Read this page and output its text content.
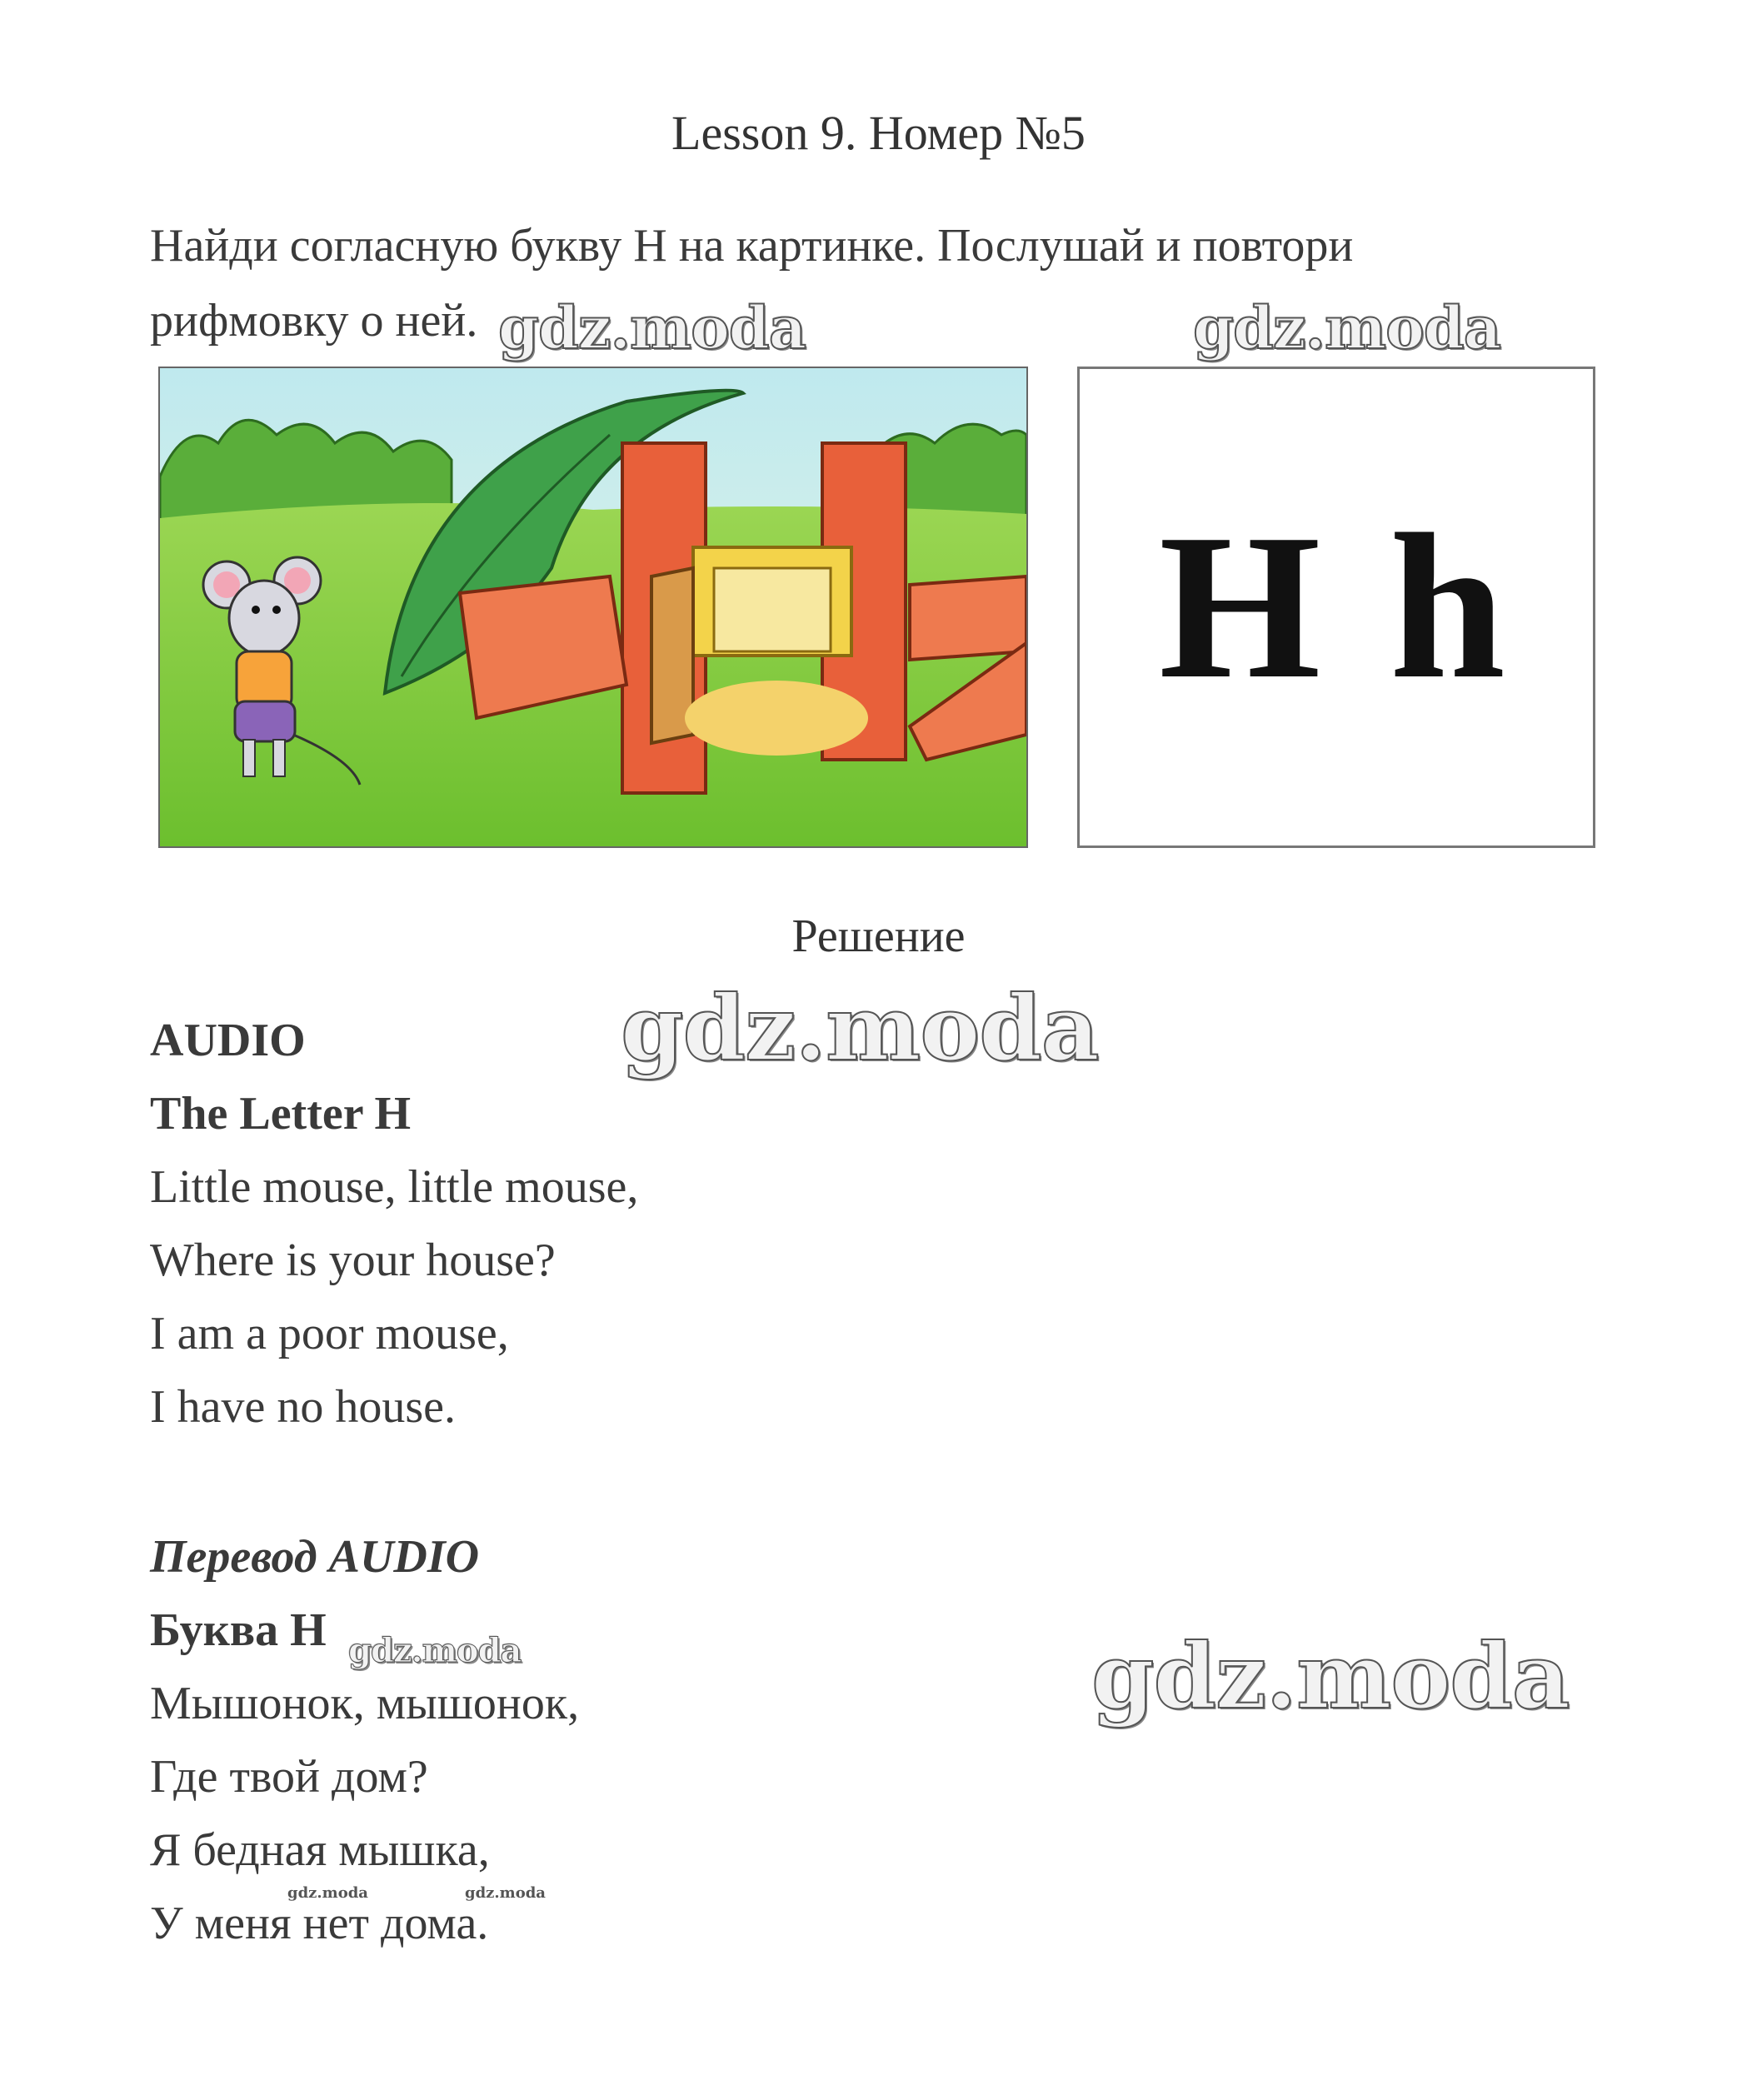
Lesson 9. Номер №5
Найди согласную букву H на картинке. Послушай и повтори
рифмовку о ней. gdz.moda	gdz.moda
H h
Решение
gdz.moda
AUDIO
The Letter H
Little mouse, little mouse,
Where is your house?
I am a poor mouse,
I have no house.
Перевод AUDIO
Буква H
Мышонок, мышонок,
Где твой дом?
Я бедная мышка,
У меня нет дома.
gdz.moda
gdz.moda	gdz.moda
gdz.moda
